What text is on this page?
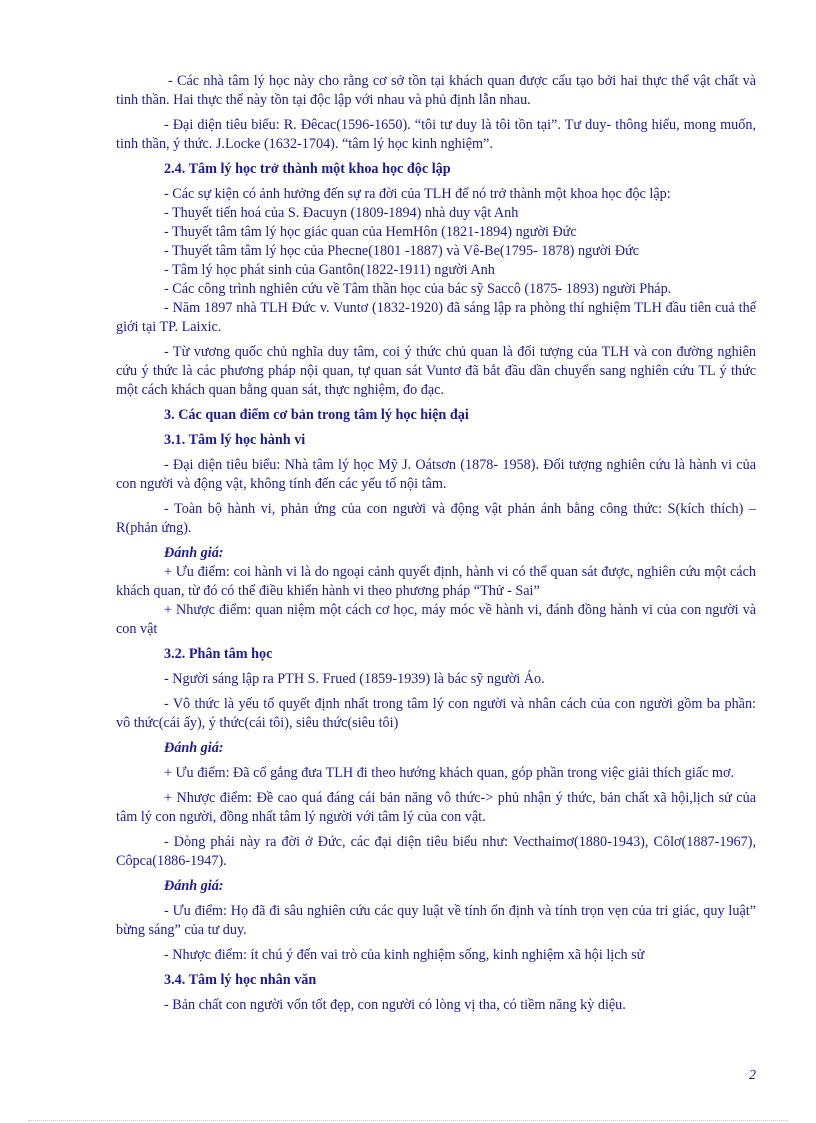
- Các nhà tâm lý học này cho rằng cơ sở tồn tại khách quan được cấu tạo bởi hai thực thể vật chất và tinh thần. Hai thực thể này tồn tại độc lập với nhau và phủ định lẫn nhau.

- Đại diện tiêu biểu: R. Đêcac(1596-1650). “tôi tư duy là tôi tồn tại”. Tư duy- thông hiểu, mong muốn, tinh thần, ý thức. J.Locke (1632-1704). “tâm lý học kinh nghiệm”.

2.4. Tâm lý học trở thành một khoa học độc lập
- Các sự kiện có ảnh hưởng đến sự ra đời của TLH để nó trở thành một khoa học độc lập:
- Thuyết tiến hoá của S. Đacuyn (1809-1894) nhà duy vật Anh
- Thuyết tâm tâm lý học giác quan của HemHôn (1821-1894) người Đức
- Thuyết tâm tâm lý học của Phecne(1801 -1887) và Vê-Be(1795- 1878) người Đức
- Tâm lý học phát sinh của Gantôn(1822-1911) người Anh
- Các công trình nghiên cứu về Tâm thần học của bác sỹ Saccô (1875- 1893) người Pháp.
- Năm 1897 nhà TLH Đức v. Vuntơ (1832-1920) đã sáng lập ra phòng thí nghiệm TLH đầu tiên cuả thế giới tại TP. Laixic.

- Từ vương quốc chủ nghĩa duy tâm, coi ý thức chủ quan là đối tượng của TLH và con đường nghiên cứu ý thức là các phương pháp nội quan, tự quan sát Vuntơ đã bắt đầu dần chuyển sang nghiên cứu TL ý thức một cách khách quan bằng quan sát, thực nghiệm, đo đạc.

3. Các quan điểm cơ bản trong tâm lý học hiện đại
3.1. Tâm lý học hành vi

- Đại diện tiêu biểu: Nhà tâm lý học Mỹ J. Oátsơn (1878- 1958). Đối tượng nghiên cứu là hành vi của con người và động vật, không tính đến các yếu tố nội tâm.

- Toàn bộ hành vi, phản ứng của con người và động vật phản ánh bằng công thức: S(kích thích) – R(phản ứng).

Đánh giá:

+ Ưu điểm: coi hành vi là do ngoại cảnh quyết định, hành vi có thể quan sát được, nghiên cứu một cách khách quan, từ đó có thể điều khiển hành vi theo phương pháp “Thử - Sai”

+ Nhược điểm: quan niệm một cách cơ học, máy móc về hành vi, đánh đồng hành vi của con người và con vật

3.2. Phân tâm học

- Người sáng lập ra PTH S. Frued (1859-1939) là bác sỹ người Áo.

- Vô thức là yếu tố quyết định nhất trong tâm lý con người và nhân cách của con người gồm ba phần: vô thức(cái ấy), ý thức(cái tôi), siêu thức(siêu tôi)

Đánh giá:

+ Ưu điểm: Đã cố gắng đưa TLH đi theo hướng khách quan, góp phần trong việc giải thích giấc mơ.

+ Nhược điểm: Đề cao quá đáng cái bản năng vô thức-> phủ nhận ý thức, bản chất xã hội,lịch sử của tâm lý con người, đồng nhất tâm lý người với tâm lý của con vật.

- Dòng phái này ra đời ở Đức, các đại diện tiêu biểu như: Vecthaimơ(1880-1943), Côlơ(1887-1967), Côpca(1886-1947).

Đánh giá:

- Ưu điểm: Họ đã đi sâu nghiên cứu các quy luật về tính ổn định và tính trọn vẹn của tri giác, quy luật” bừng sáng” của tư duy.

- Nhược điểm: ít chú ý đến vai trò của kinh nghiệm sống, kinh nghiệm xã hội lịch sử

3.4. Tâm lý học nhân văn

- Bản chất con người vốn tốt đẹp, con người có lòng vị tha, có tiềm năng kỳ diệu.

2
